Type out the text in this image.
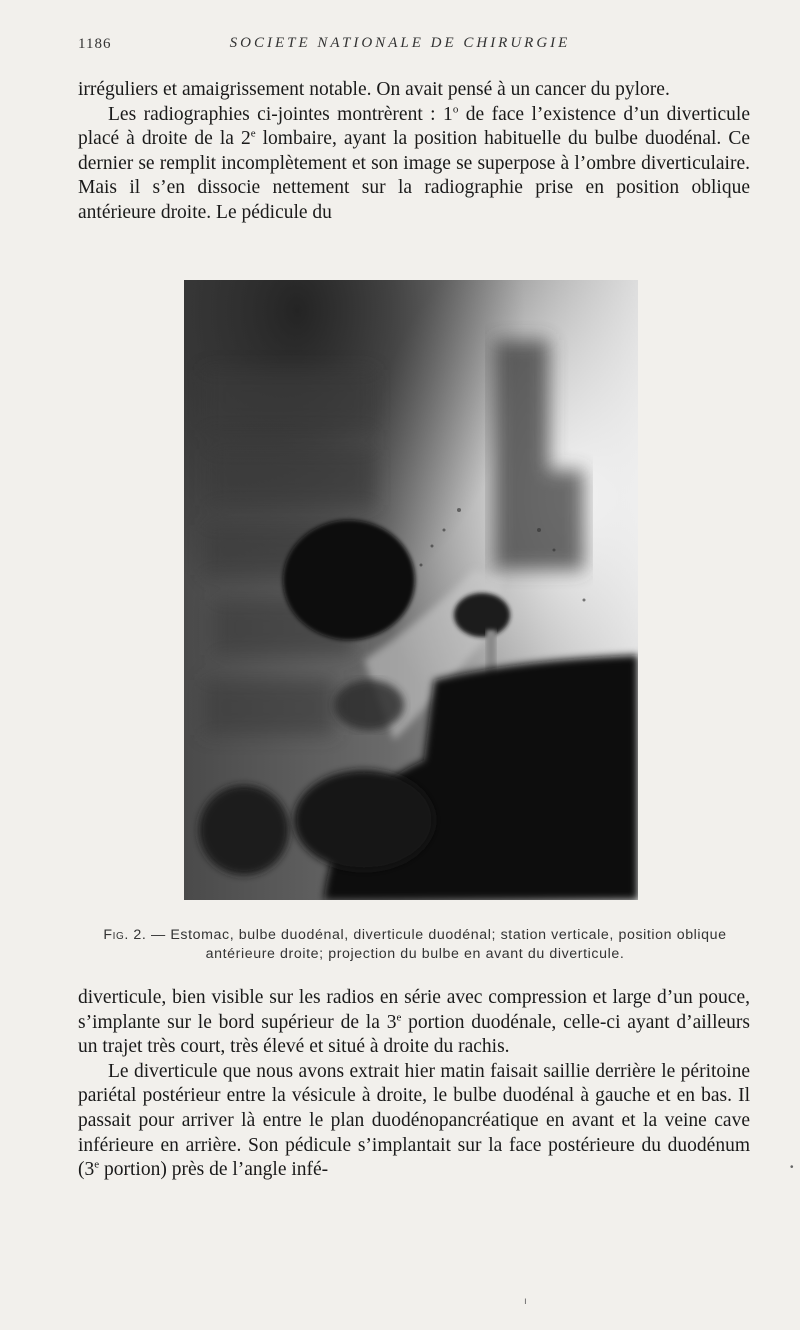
1186	SOCIETE NATIONALE DE CHIRURGIE

irréguliers et amaigrissement notable. On avait pensé à un cancer du pylore.

Les radiographies ci-jointes montrèrent : 1$^o$ de face l’existence d’un diverticule placé à droite de la 2e lombaire, ayant la position habituelle du bulbe duodénal. Ce dernier se remplit incomplètement et son image se superpose à l’ombre diverticulaire. Mais il s’en dissocie nettement sur la radiographie prise en position oblique antérieure droite. Le pédicule du

Fig. 2. — Estomac, bulbe duodénal, diverticule duodénal; station verticale, position oblique antérieure droite; projection du bulbe en avant du diverticule.

diverticule, bien visible sur les radios en série avec compression et large d’un pouce, s’implante sur le bord supérieur de la 3e portion duodénale, celle-ci ayant d’ailleurs un trajet très court, très élevé et situé à droite du rachis.

Le diverticule que nous avons extrait hier matin faisait saillie derrière le péritoine pariétal postérieur entre la vésicule à droite, le bulbe duodénal à gauche et en bas. Il passait pour arriver là entre le plan duodénopancréatique en avant et la veine cave inférieure en arrière. Son pédicule s’implantait sur la face postérieure du duodénum (3e portion) près de l’angle infé-	•
ı
